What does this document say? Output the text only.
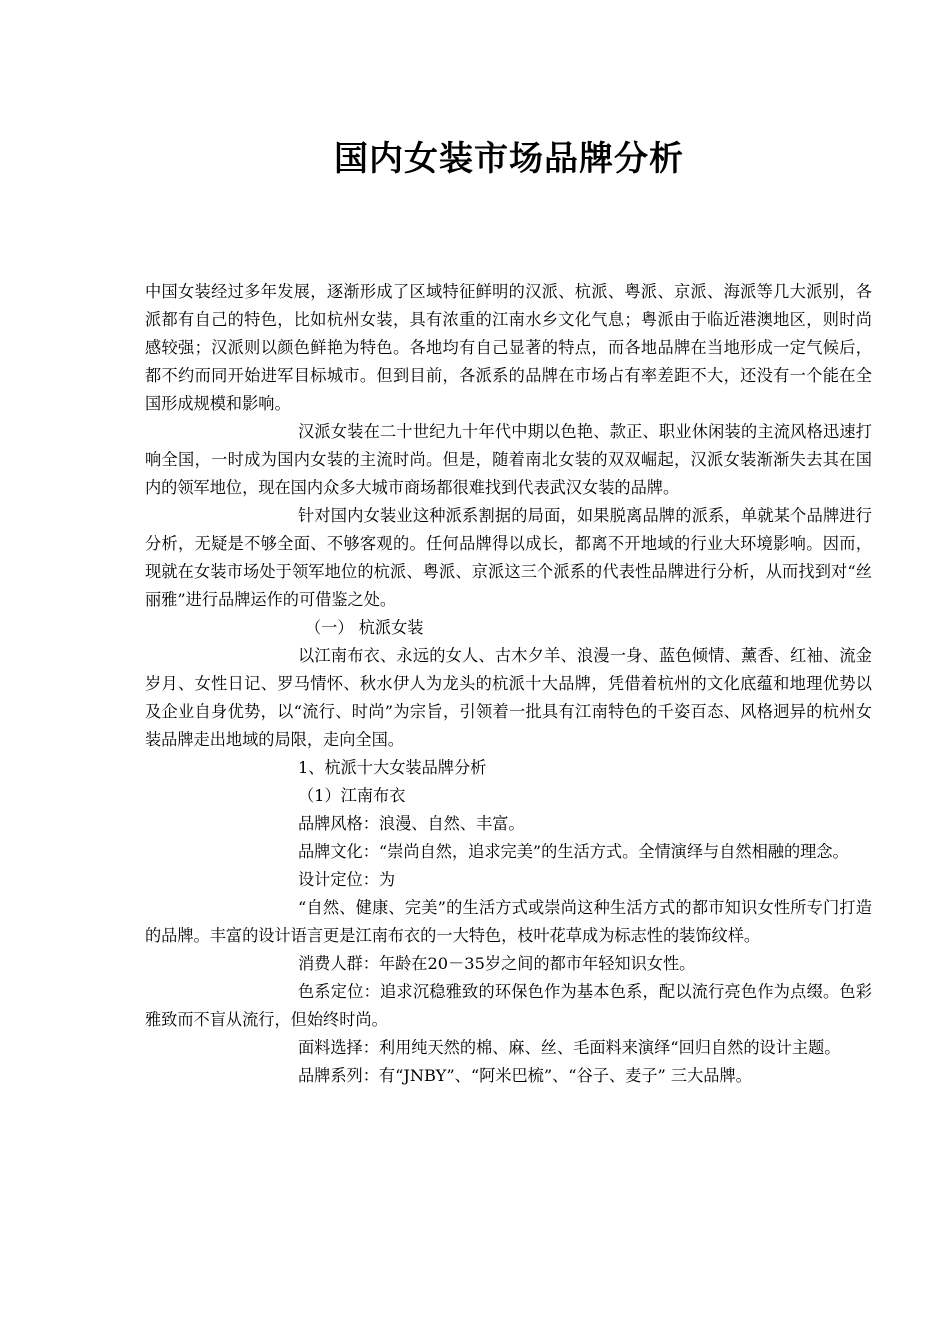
国内女装市场品牌分析

中国女装经过多年发展，逐渐形成了区域特征鲜明的汉派、杭派、粤派、京派、海派等几大派别，各派都有自己的特色，比如杭州女装，具有浓重的江南水乡文化气息；粤派由于临近港澳地区，则时尚感较强；汉派则以颜色鲜艳为特色。各地均有自己显著的特点，而各地品牌在当地形成一定气候后，都不约而同开始进军目标城市。但到目前，各派系的品牌在市场占有率差距不大，还没有一个能在全国形成规模和影响。

汉派女装在二十世纪九十年代中期以色艳、款正、职业休闲装的主流风格迅速打响全国，一时成为国内女装的主流时尚。但是，随着南北女装的双双崛起，汉派女装渐渐失去其在国内的领军地位，现在国内众多大城市商场都很难找到代表武汉女装的品牌。

针对国内女装业这种派系割据的局面，如果脱离品牌的派系，单就某个品牌进行分析，无疑是不够全面、不够客观的。任何品牌得以成长，都离不开地域的行业大环境影响。因而，现就在女装市场处于领军地位的杭派、粤派、京派这三个派系的代表性品牌进行分析，从而找到对“丝丽雅”进行品牌运作的可借鉴之处。

（一） 杭派女装

以江南布衣、永远的女人、古木夕羊、浪漫一身、蓝色倾情、薰香、红袖、流金岁月、女性日记、罗马情怀、秋水伊人为龙头的杭派十大品牌，凭借着杭州的文化底蕴和地理优势以及企业自身优势，以“流行、时尚”为宗旨，引领着一批具有江南特色的千姿百态、风格迥异的杭州女装品牌走出地域的局限，走向全国。

1、杭派十大女装品牌分析

（1）江南布衣

品牌风格：浪漫、自然、丰富。

品牌文化：“崇尚自然，追求完美”的生活方式。全情演绎与自然相融的理念。

设计定位：为

“自然、健康、完美”的生活方式或崇尚这种生活方式的都市知识女性所专门打造的品牌。丰富的设计语言更是江南布衣的一大特色，枝叶花草成为标志性的装饰纹样。

消费人群：年龄在20－35岁之间的都市年轻知识女性。

色系定位：追求沉稳雅致的环保色作为基本色系，配以流行亮色作为点缀。色彩雅致而不盲从流行，但始终时尚。

面料选择：利用纯天然的棉、麻、丝、毛面料来演绎“回归自然的设计主题。

品牌系列：有“JNBY”、“阿米巴梳”、“谷子、麦子” 三大品牌。
